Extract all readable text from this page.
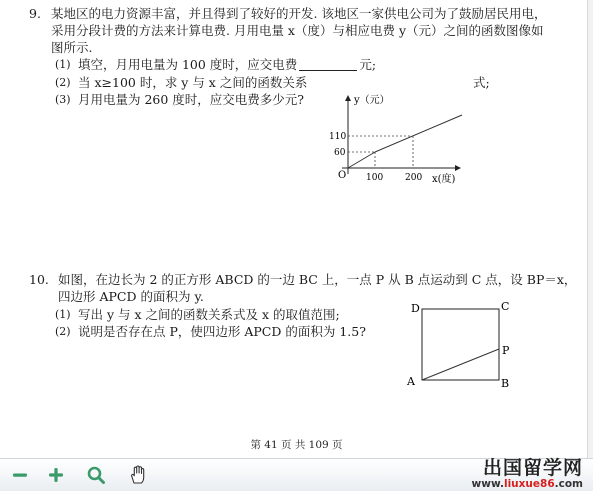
9. 某地区的电力资源丰富，并且得到了较好的开发. 该地区一家供电公司为了鼓励居民用电，
采用分段计费的方法来计算电费. 月用电量 x（度）与相应电费 y（元）之间的函数图像如
图所示.
(1) 填空，月用电量为 100 度时，应交电费	元;
(2) 当 x≥100 时，求 y 与 x 之间的函数关系	式;
(3) 月用电量为 260 度时，应交电费多少元?	y（元）
x(度)
O 100 200
60
110
10. 如图，在边长为 2 的正方形 ABCD 的一边 BC 上，一点 P 从 B 点运动到 C 点，设 BP＝x，
四边形 APCD 的面积为 y.
(1) 写出 y 与 x 之间的函数关系式及 x 的取值范围;
(2) 说明是否存在点 P，使四边形 APCD 的面积为 1.5?
D	C
A	B
P
第 41 页 共 109 页
出国留学网
www.liuxue86.com
